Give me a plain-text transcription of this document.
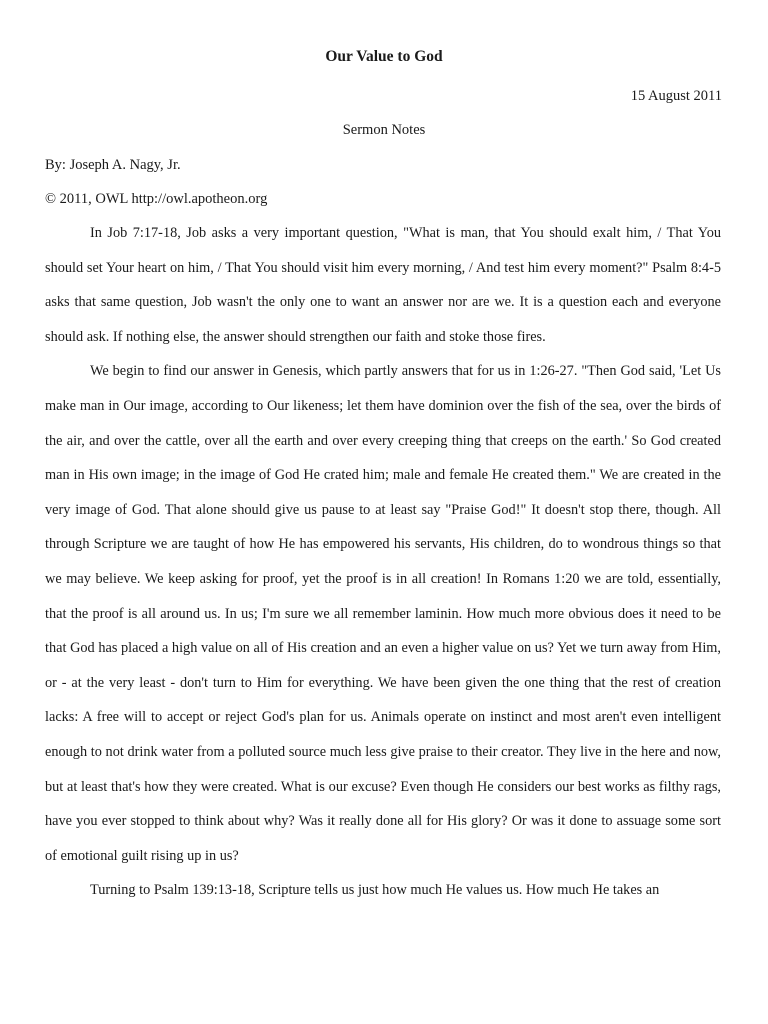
Our Value to God
15 August 2011
Sermon Notes
By: Joseph A. Nagy, Jr.
© 2011, OWL http://owl.apotheon.org

In Job 7:17-18, Job asks a very important question, "What is man, that You should exalt him, / That You should set Your heart on him, / That You should visit him every morning, / And test him every moment?" Psalm 8:4-5 asks that same question, Job wasn't the only one to want an answer nor are we. It is a question each and everyone should ask. If nothing else, the answer should strengthen our faith and stoke those fires.

We begin to find our answer in Genesis, which partly answers that for us in 1:26-27. "Then God said, 'Let Us make man in Our image, according to Our likeness; let them have dominion over the fish of the sea, over the birds of the air, and over the cattle, over all the earth and over every creeping thing that creeps on the earth.' So God created man in His own image; in the image of God He crated him; male and female He created them." We are created in the very image of God. That alone should give us pause to at least say "Praise God!" It doesn't stop there, though. All through Scripture we are taught of how He has empowered his servants, His children, do to wondrous things so that we may believe. We keep asking for proof, yet the proof is in all creation! In Romans 1:20 we are told, essentially, that the proof is all around us. In us; I'm sure we all remember laminin. How much more obvious does it need to be that God has placed a high value on all of His creation and an even a higher value on us? Yet we turn away from Him, or - at the very least - don't turn to Him for everything. We have been given the one thing that the rest of creation lacks: A free will to accept or reject God's plan for us. Animals operate on instinct and most aren't even intelligent enough to not drink water from a polluted source much less give praise to their creator. They live in the here and now, but at least that's how they were created. What is our excuse? Even though He considers our best works as filthy rags, have you ever stopped to think about why? Was it really done all for His glory? Or was it done to assuage some sort of emotional guilt rising up in us?

Turning to Psalm 139:13-18, Scripture tells us just how much He values us. How much He takes an
